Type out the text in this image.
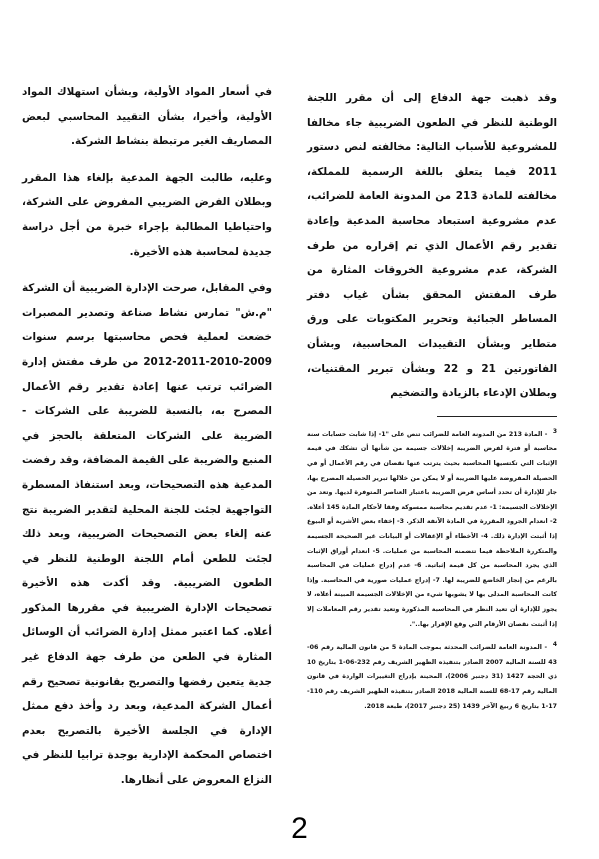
وقد ذهبت جهة الدفاع إلى أن مقرر اللجنة الوطنية للنظر في الطعون الضريبية جاء مخالفا للمشروعية للأسباب التالية: مخالفته لنص دستور 2011 فيما يتعلق باللغة الرسمية للمملكة، مخالفته للمادة 213 من المدونة العامة للضرائب، عدم مشروعية استبعاد محاسبة المدعية وإعادة تقدير رقم الأعمال الذي تم إقراره من طرف الشركة، عدم مشروعية الخروقات المثارة من طرف المفتش المحقق بشأن غياب دفتر المساطر الجبائية وتحرير المكتوبات على ورق متطاير وبشأن التقييدات المحاسبية، وبشأن الفاتورتين 21 و 22 وبشأن تبرير المقتنيات، وبطلان الإدعاء بالزيادة والتضخيم

3 - المادة 213 من المدونة العامة للضرائب تنص على "1- إذا شابت حسابات سنة محاسبة أو فترة لفرض الضريبة إخلالات جسيمة من شأنها أن تشكك في قيمة الإثبات التي تكتسيها المحاسبة بحيث يترتب عنها نقصان في رقم الأعمال أو في الحصيلة المفروضة عليها الضريبة أو لا يمكن من خلالها تبرير الحصيلة المصرح بها، جاز للإدارة أن تحدد أساس فرض الضريبة باعتبار العناصر المتوفرة لديها. وتعد من الإخلالات الجسيمة: 1- عدم تقديم محاسبة ممسوكة وفقا لأحكام المادة 145 أعلاه. 2- انعدام الجرود المقررة في المادة الآنفة الذكر. 3- إخفاء بعض الأشرية أو البيوع إذا أثبتت الإدارة ذلك. 4- الأخطاء أو الإغفالات أو البيانات غير الصحيحة الجسيمة والمتكررة الملاحظة فيما تتضمنه المحاسبة من عمليات. 5- انعدام أوراق الإثبات الذي يجرد المحاسبة من كل قيمة إثباتية. 6- عدم إدراج عمليات في المحاسبة بالرغم من إنجاز الخاضع للضريبة لها. 7- إدراج عمليات صورية في المحاسبة. وإذا كانت المحاسبة المدلى بها لا يشوبها شيء من الإخلالات الجسيمة المبينة أعلاه، لا يجوز للإدارة أن تعيد النظر في المحاسبة المذكورة وتعيد تقدير رقم المعاملات إلا إذا أثبتت نقصان الأرقام التي وقع الإقرار بها..".

4 - المدونة العامة للضرائب المحدثة بموجب المادة 5 من قانون المالية رقم 06-43 للسنة المالية 2007 الصادر بتنفيذه الظهير الشريف رقم 232-06-1 بتاريخ 10 ذي الحجة 1427 (31 دجنبر 2006)، المحينة بإدراج التغييرات الواردة في قانون المالية رقم 17-68 للسنة المالية 2018 الصادر بتنفيذه الظهير الشريف رقم 110-17-1 بتاريخ 6 ربيع الآخر 1439 (25 دجنبر 2017)، طبعة 2018.

في أسعار المواد الأولية، وبشأن استهلاك المواد الأولية، وأخيرا، بشأن التقييد المحاسبي لبعض المصاريف الغير مرتبطة بنشاط الشركة.

وعليه، طالبت الجهة المدعية بإلغاء هذا المقرر وبطلان الفرض الضريبي المفروض على الشركة، واحتياطيا المطالبة بإجراء خبرة من أجل دراسة جديدة لمحاسبة هذه الأخيرة.

وفي المقابل، صرحت الإدارة الضريبية أن الشركة "م.ش" تمارس نشاط صناعة وتصدير المصبرات خضعت لعملية فحص محاسبتها برسم سنوات 2009-2010-2011-2012 من طرف مفتش إدارة الضرائب ترتب عنها إعادة تقدير رقم الأعمال المصرح به، بالنسبة للضريبة على الشركات - الضريبة على الشركات المتعلقة بالحجز في المنبع والضريبة على القيمة المضافة، وقد رفضت المدعية هذه التصحيحات، وبعد استنفاذ المسطرة التواجهية لجئت للجنة المحلية لتقدير الضريبة نتج عنه إلغاء بعض التصحيحات الضريبية، وبعد ذلك لجئت للطعن أمام اللجنة الوطنية للنظر في الطعون الضريبية. وقد أكدت هذه الأخيرة تصحيحات الإدارة الضريبية في مقررها المذكور أعلاه. كما اعتبر ممثل إدارة الضرائب أن الوسائل المثارة في الطعن من طرف جهة الدفاع غير جدية يتعين رفضها والتصريح بقانونية تصحيح رقم أعمال الشركة المدعية، وبعد رد وأخذ دفع ممثل الإدارة في الجلسة الأخيرة بالتصريح بعدم اختصاص المحكمة الإدارية بوجدة ترابيا للنظر في النزاع المعروض على أنظارها.

2
